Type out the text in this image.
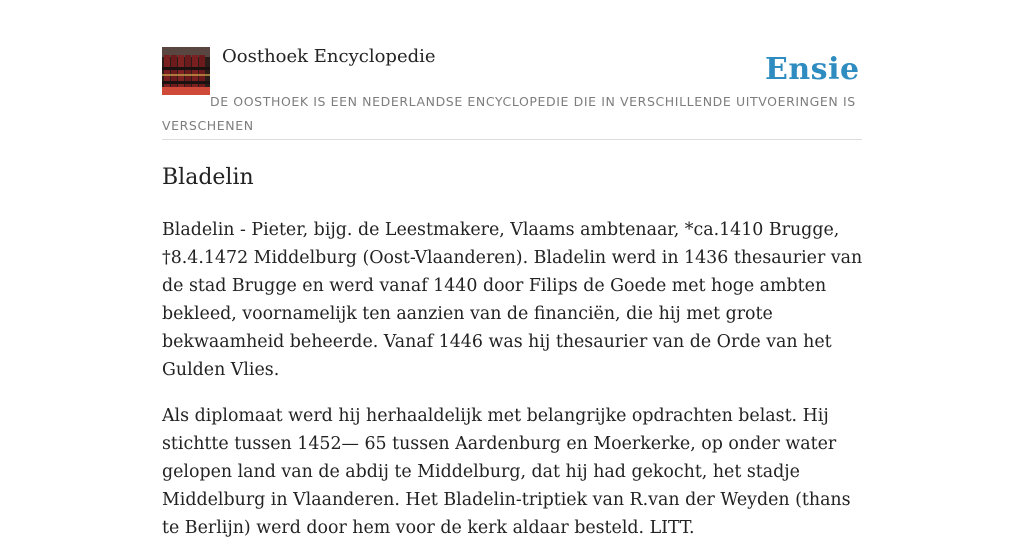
Oosthoek Encyclopedie	Ensie

DE OOSTHOEK IS EEN NEDERLANDSE ENCYCLOPEDIE DIE IN VERSCHILLENDE UITVOERINGEN IS VERSCHENEN

Bladelin

Bladelin - Pieter, bijg. de Leestmakere, Vlaams ambtenaar, *ca.1410 Brugge, †8.4.1472 Middelburg (Oost-Vlaanderen). Bladelin werd in 1436 thesaurier van de stad Brugge en werd vanaf 1440 door Filips de Goede met hoge ambten bekleed, voornamelijk ten aanzien van de financiën, die hij met grote bekwaamheid beheerde. Vanaf 1446 was hij thesaurier van de Orde van het Gulden Vlies.

Als diplomaat werd hij herhaaldelijk met belangrijke opdrachten belast. Hij stichtte tussen 1452— 65 tussen Aardenburg en Moerkerke, op onder water gelopen land van de abdij te Middelburg, dat hij had gekocht, het stadje Middelburg in Vlaanderen. Het Bladelin-triptiek van R.van der Weyden (thans te Berlijn) werd door hem voor de kerk aldaar besteld. LITT.
